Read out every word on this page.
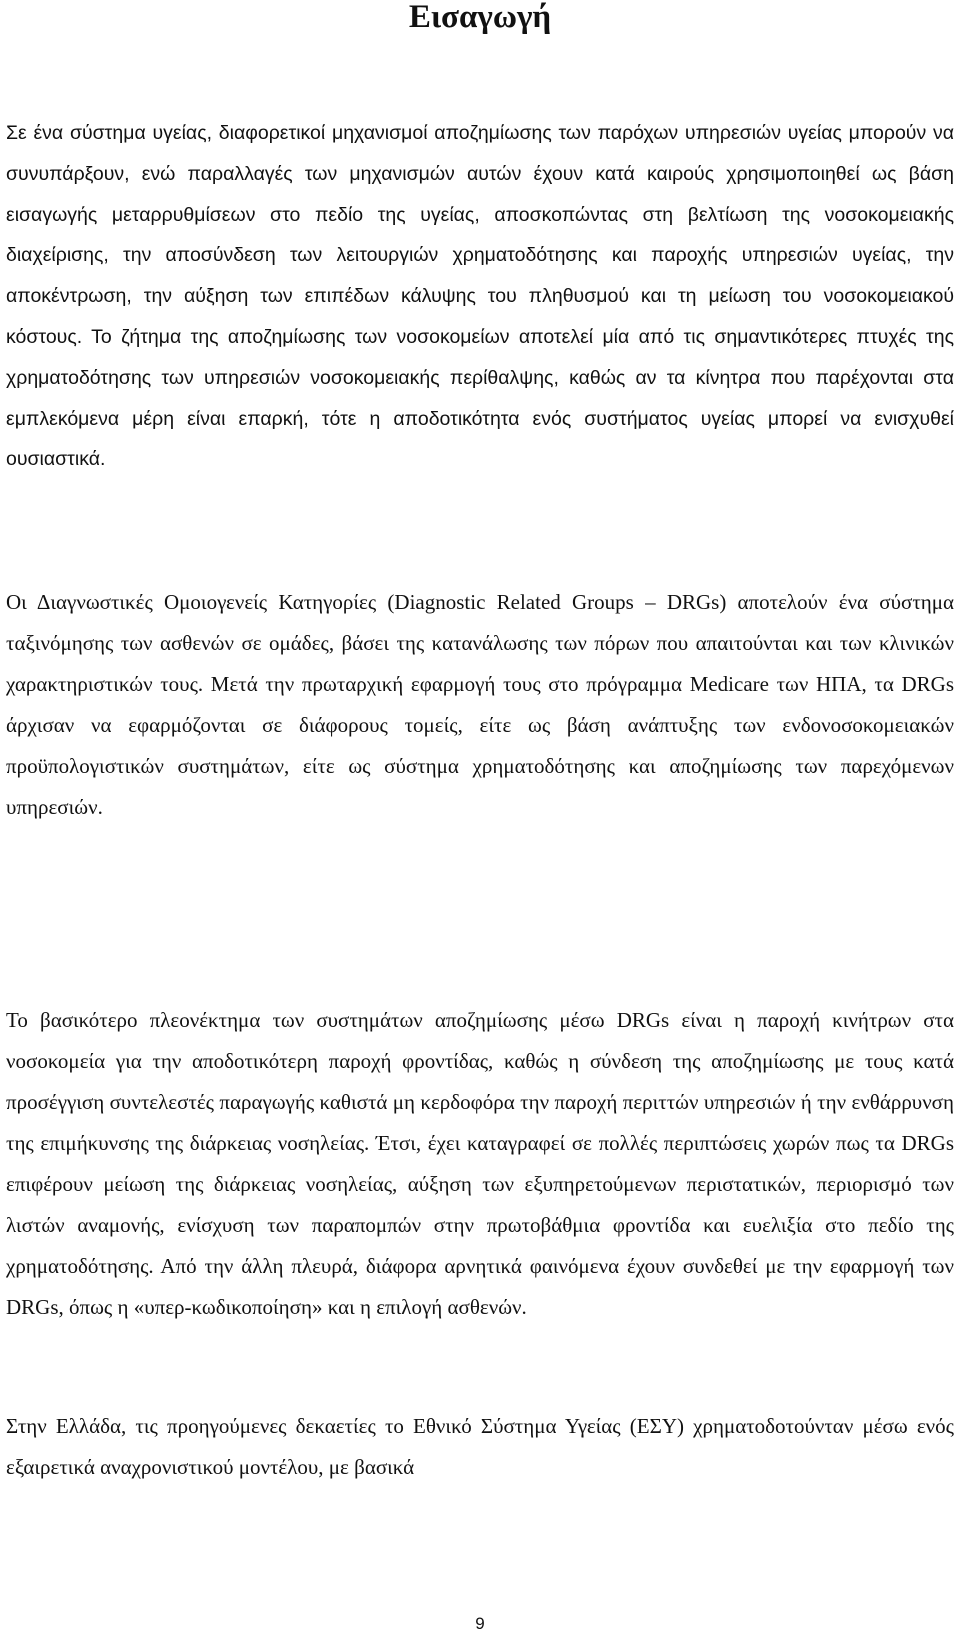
Εισαγωγή

Σε ένα σύστημα υγείας, διαφορετικοί μηχανισμοί αποζημίωσης των παρόχων υπηρεσιών υγείας μπορούν να συνυπάρξουν, ενώ παραλλαγές των μηχανισμών αυτών έχουν κατά καιρούς χρησιμοποιηθεί ως βάση εισαγωγής μεταρρυθμίσεων στο πεδίο της υγείας, αποσκοπώντας στη βελτίωση της νοσοκομειακής διαχείρισης, την αποσύνδεση των λειτουργιών χρηματοδότησης και παροχής υπηρεσιών υγείας, την αποκέντρωση, την αύξηση των επιπέδων κάλυψης του πληθυσμού και τη μείωση του νοσοκομειακού κόστους. Το ζήτημα της αποζημίωσης των νοσοκομείων αποτελεί μία από τις σημαντικότερες πτυχές της χρηματοδότησης των υπηρεσιών νοσοκομειακής περίθαλψης, καθώς αν τα κίνητρα που παρέχονται στα εμπλεκόμενα μέρη είναι επαρκή, τότε η αποδοτικότητα ενός συστήματος υγείας μπορεί να ενισχυθεί ουσιαστικά.

Οι Διαγνωστικές Ομοιογενείς Κατηγορίες (Diagnostic Related Groups – DRGs) αποτελούν ένα σύστημα ταξινόμησης των ασθενών σε ομάδες, βάσει της κατανάλωσης των πόρων που απαιτούνται και των κλινικών χαρακτηριστικών τους. Μετά την πρωταρχική εφαρμογή τους στο πρόγραμμα Medicare των ΗΠΑ, τα DRGs άρχισαν να εφαρμόζονται σε διάφορους τομείς, είτε ως βάση ανάπτυξης των ενδονοσοκομειακών προϋπολογιστικών συστημάτων, είτε ως σύστημα χρηματοδότησης και αποζημίωσης των παρεχόμενων υπηρεσιών.

Το βασικότερο πλεονέκτημα των συστημάτων αποζημίωσης μέσω DRGs είναι η παροχή κινήτρων στα νοσοκομεία για την αποδοτικότερη παροχή φροντίδας, καθώς η σύνδεση της αποζημίωσης με τους κατά προσέγγιση συντελεστές παραγωγής καθιστά μη κερδοφόρα την παροχή περιττών υπηρεσιών ή την ενθάρρυνση της επιμήκυνσης της διάρκειας νοσηλείας. Έτσι, έχει καταγραφεί σε πολλές περιπτώσεις χωρών πως τα DRGs επιφέρουν μείωση της διάρκειας νοσηλείας, αύξηση των εξυπηρετούμενων περιστατικών, περιορισμό των λιστών αναμονής, ενίσχυση των παραπομπών στην πρωτοβάθμια φροντίδα και ευελιξία στο πεδίο της χρηματοδότησης. Από την άλλη πλευρά, διάφορα αρνητικά φαινόμενα έχουν συνδεθεί με την εφαρμογή των DRGs, όπως η «υπερ-κωδικοποίηση» και η επιλογή ασθενών.

Στην Ελλάδα, τις προηγούμενες δεκαετίες το Εθνικό Σύστημα Υγείας (ΕΣΥ) χρηματοδοτούνταν μέσω ενός εξαιρετικά αναχρονιστικού μοντέλου, με βασικά

9
